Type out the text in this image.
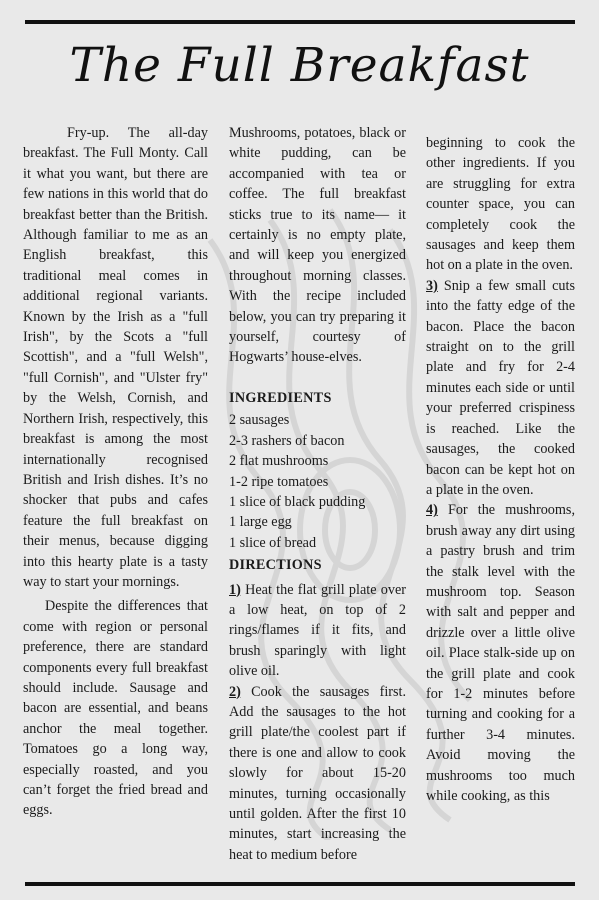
The Full Breakfast

Fry-up. The all-day breakfast. The Full Monty. Call it what you want, but there are few nations in this world that do breakfast better than the British. Although familiar to me as an English breakfast, this traditional meal comes in additional regional variants. Known by the Irish as a "full Irish", by the Scots a "full Scottish", and a "full Welsh", "full Cornish", and "Ulster fry" by the Welsh, Cornish, and Northern Irish, respectively, this breakfast is among the most internationally recognised British and Irish dishes. It’s no shocker that pubs and cafes feature the full breakfast on their menus, because digging into this hearty plate is a tasty way to start your mornings.

Despite the differences that come with region or personal preference, there are standard components every full breakfast should include. Sausage and bacon are essential, and beans anchor the meal together. Tomatoes go a long way, especially roasted, and you can’t forget the fried bread and eggs.

Mushrooms, potatoes, black or white pudding, can be accompanied with tea or coffee. The full breakfast sticks true to its name— it certainly is no empty plate, and will keep you energized throughout morning classes. With the recipe included below, you can try preparing it yourself, courtesy of Hogwarts’ house-elves.

INGREDIENTS

2 sausages
2-3 rashers of bacon
2 flat mushrooms
1-2 ripe tomatoes
1 slice of black pudding
1 large egg
1 slice of bread

DIRECTIONS

1) Heat the flat grill plate over a low heat, on top of 2 rings/flames if it fits, and brush sparingly with light olive oil.

2) Cook the sausages first. Add the sausages to the hot grill plate/the coolest part if there is one and allow to cook slowly for about 15-20 minutes, turning occasionally until golden. After the first 10 minutes, start increasing the heat to medium before

beginning to cook the other ingredients. If you are struggling for extra counter space, you can completely cook the sausages and keep them hot on a plate in the oven.

3) Snip a few small cuts into the fatty edge of the bacon. Place the bacon straight on to the grill plate and fry for 2-4 minutes each side or until your preferred crispiness is reached. Like the sausages, the cooked bacon can be kept hot on a plate in the oven.

4) For the mushrooms, brush away any dirt using a pastry brush and trim the stalk level with the mushroom top. Season with salt and pepper and drizzle over a little olive oil. Place stalk-side up on the grill plate and cook for 1-2 minutes before turning and cooking for a further 3-4 minutes. Avoid moving the mushrooms too much while cooking, as this
